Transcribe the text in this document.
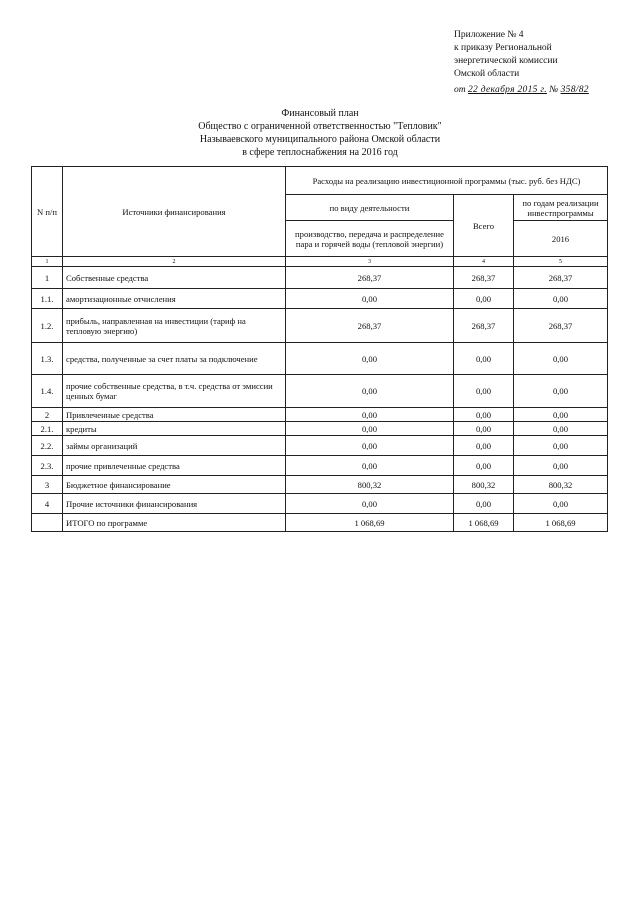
Приложение № 4
к приказу Региональной
энергетической комиссии
Омской области
от 22 декабря 2015 г. № 358/82
Финансовый план
Общество с ограниченной ответственностью "Тепловик"
Называевского муниципального района Омской области
в сфере теплоснабжения на 2016 год
N п/п	Источники финансирования	Расходы на реализацию инвестиционной программы (тыс. руб. без НДС)		
		по виду деятельности	Всего	по годам реализации инвестпрограммы
		производство, передача и распределение пара и горячей воды (тепловой энергии)		2016
1	2	3	4	5
1	Собственные средства	268,37	268,37	268,37
1.1.	амортизационные отчисления	0,00	0,00	0,00
1.2.	прибыль, направленная на инвестиции (тариф на тепловую энергию)	268,37	268,37	268,37
1.3.	средства, полученные за счет платы за подключение	0,00	0,00	0,00
1.4.	прочие собственные средства, в т.ч. средства от эмиссии ценных бумаг	0,00	0,00	0,00
2	Привлеченные средства	0,00	0,00	0,00
2.1.	кредиты	0,00	0,00	0,00
2.2.	займы организаций	0,00	0,00	0,00
2.3.	прочие привлеченные средства	0,00	0,00	0,00
3	Бюджетное финансирование	800,32	800,32	800,32
4	Прочие источники финансирования	0,00	0,00	0,00
	ИТОГО по программе	1 068,69	1 068,69	1 068,69
